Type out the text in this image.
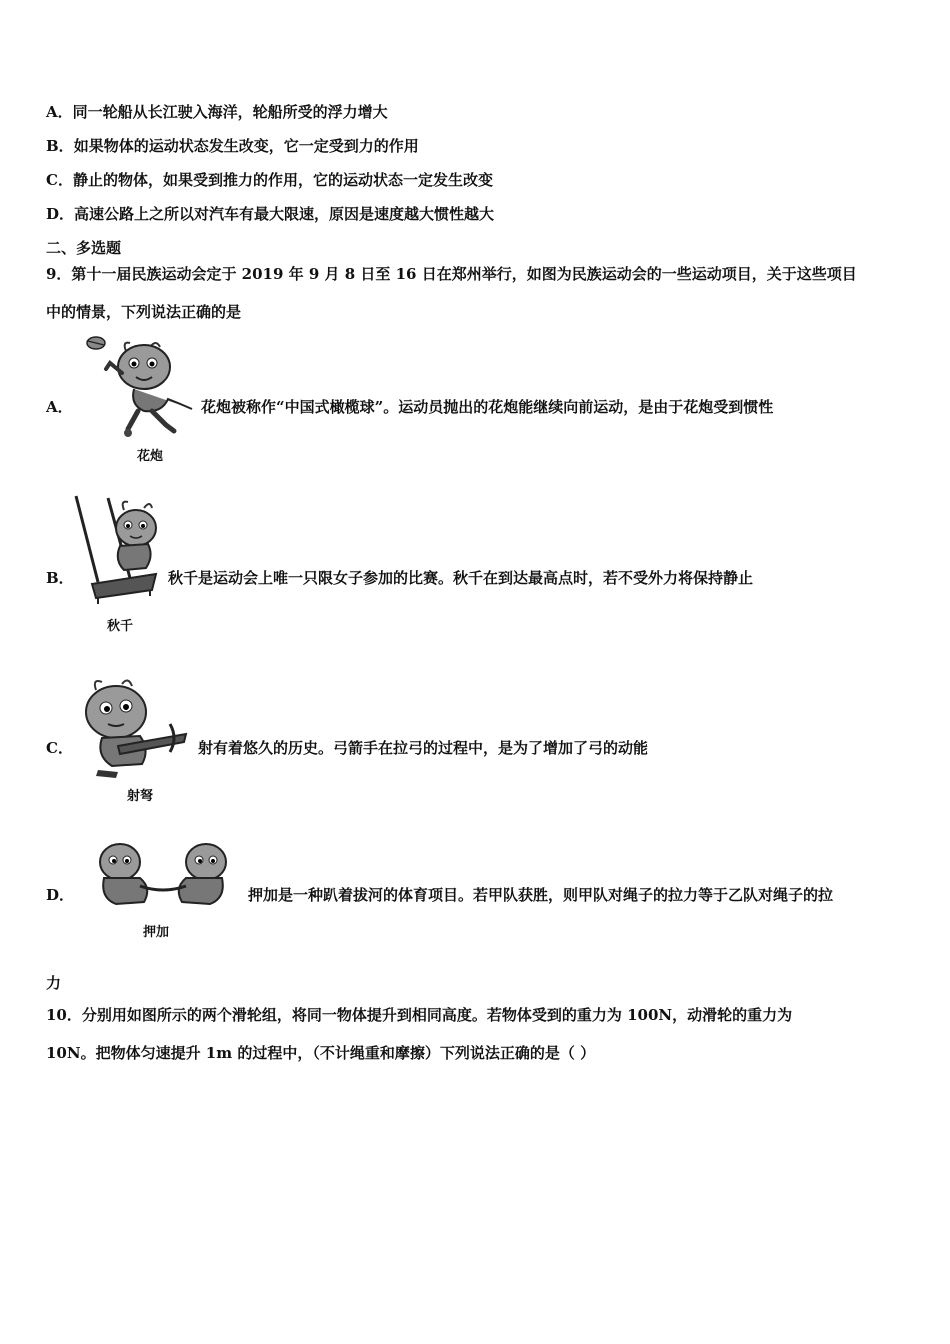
A．同一轮船从长江驶入海洋，轮船所受的浮力增大
B．如果物体的运动状态发生改变，它一定受到力的作用
C．静止的物体，如果受到推力的作用，它的运动状态一定发生改变
D．高速公路上之所以对汽车有最大限速，原因是速度越大惯性越大
二、多选题
9．第十一届民族运动会定于 2019 年 9 月 8 日至 16 日在郑州举行，如图为民族运动会的一些运动项目，关于这些项目
中的情景，下列说法正确的是
A．
花炮
花炮被称作“中国式橄榄球”。运动员抛出的花炮能继续向前运动，是由于花炮受到惯性
B．
秋千
秋千是运动会上唯一只限女子参加的比赛。秋千在到达最高点时，若不受外力将保持静止
C．
射弩
射有着悠久的历史。弓箭手在拉弓的过程中，是为了增加了弓的动能
D．
押加
押加是一种趴着拔河的体育项目。若甲队获胜，则甲队对绳子的拉力等于乙队对绳子的拉
力
10．分别用如图所示的两个滑轮组，将同一物体提升到相同高度。若物体受到的重力为 100N，动滑轮的重力为
10N。把物体匀速提升 1m 的过程中，（不计绳重和摩擦）下列说法正确的是（ ）
